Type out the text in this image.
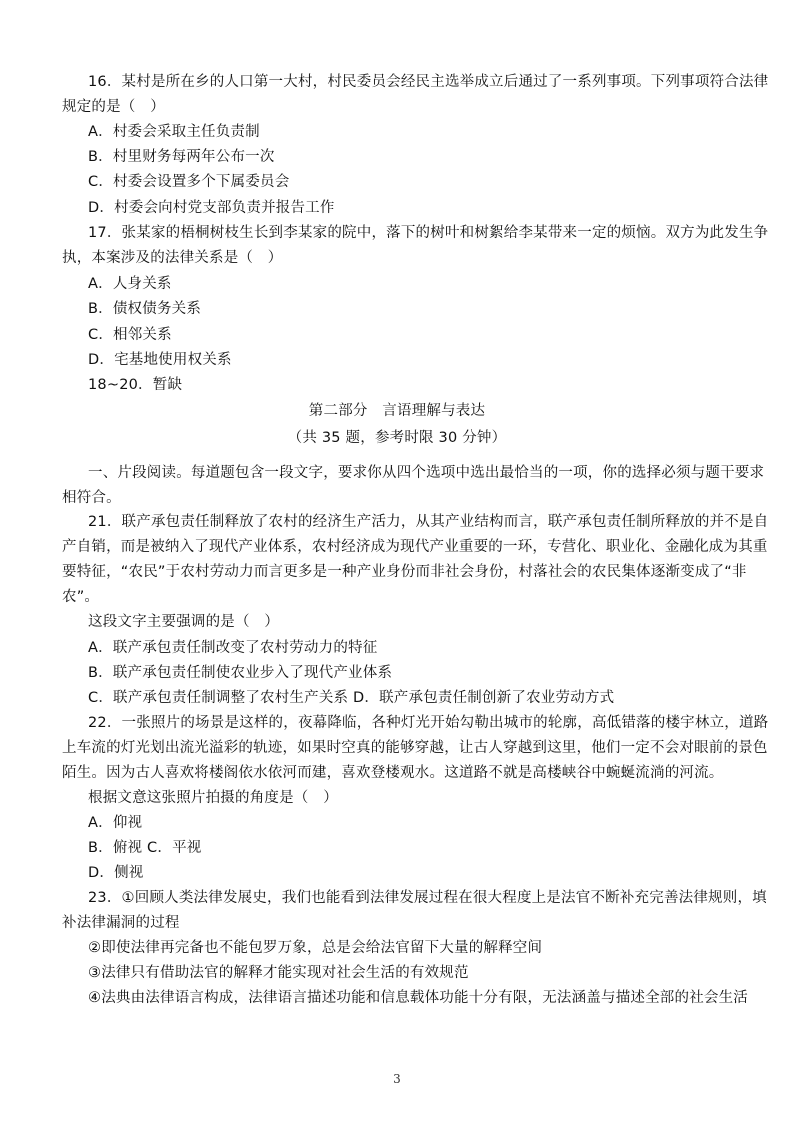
16．某村是所在乡的人口第一大村，村民委员会经民主选举成立后通过了一系列事项。下列事项符合法律
规定的是（　）
A．村委会采取主任负责制
B．村里财务每两年公布一次
C．村委会设置多个下属委员会
D．村委会向村党支部负责并报告工作
17．张某家的梧桐树枝生长到李某家的院中，落下的树叶和树絮给李某带来一定的烦恼。双方为此发生争
执，本案涉及的法律关系是（　）
A．人身关系
B．债权债务关系
C．相邻关系
D．宅基地使用权关系
18~20．暂缺
第二部分　言语理解与表达
（共 35 题，参考时限 30 分钟）
一、片段阅读。每道题包含一段文字，要求你从四个选项中选出最恰当的一项，你的选择必须与题干要求
相符合。
21．联产承包责任制释放了农村的经济生产活力，从其产业结构而言，联产承包责任制所释放的并不是自
产自销，而是被纳入了现代产业体系，农村经济成为现代产业重要的一环，专营化、职业化、金融化成为其重
要特征，“农民”于农村劳动力而言更多是一种产业身份而非社会身份，村落社会的农民集体逐渐变成了“非
农”。
这段文字主要强调的是（　）
A．联产承包责任制改变了农村劳动力的特征
B．联产承包责任制使农业步入了现代产业体系
C．联产承包责任制调整了农村生产关系 D．联产承包责任制创新了农业劳动方式
22．一张照片的场景是这样的，夜幕降临，各种灯光开始勾勒出城市的轮廓，高低错落的楼宇林立，道路
上车流的灯光划出流光溢彩的轨迹，如果时空真的能够穿越，让古人穿越到这里，他们一定不会对眼前的景色
陌生。因为古人喜欢将楼阁依水依河而建，喜欢登楼观水。这道路不就是高楼峡谷中蜿蜒流淌的河流。
根据文意这张照片拍摄的角度是（　）
A．仰视
B．俯视 C．平视
D．侧视
23．①回顾人类法律发展史，我们也能看到法律发展过程在很大程度上是法官不断补充完善法律规则，填
补法律漏洞的过程
②即使法律再完备也不能包罗万象，总是会给法官留下大量的解释空间
③法律只有借助法官的解释才能实现对社会生活的有效规范
④法典由法律语言构成，法律语言描述功能和信息载体功能十分有限，无法涵盖与描述全部的社会生活
3
